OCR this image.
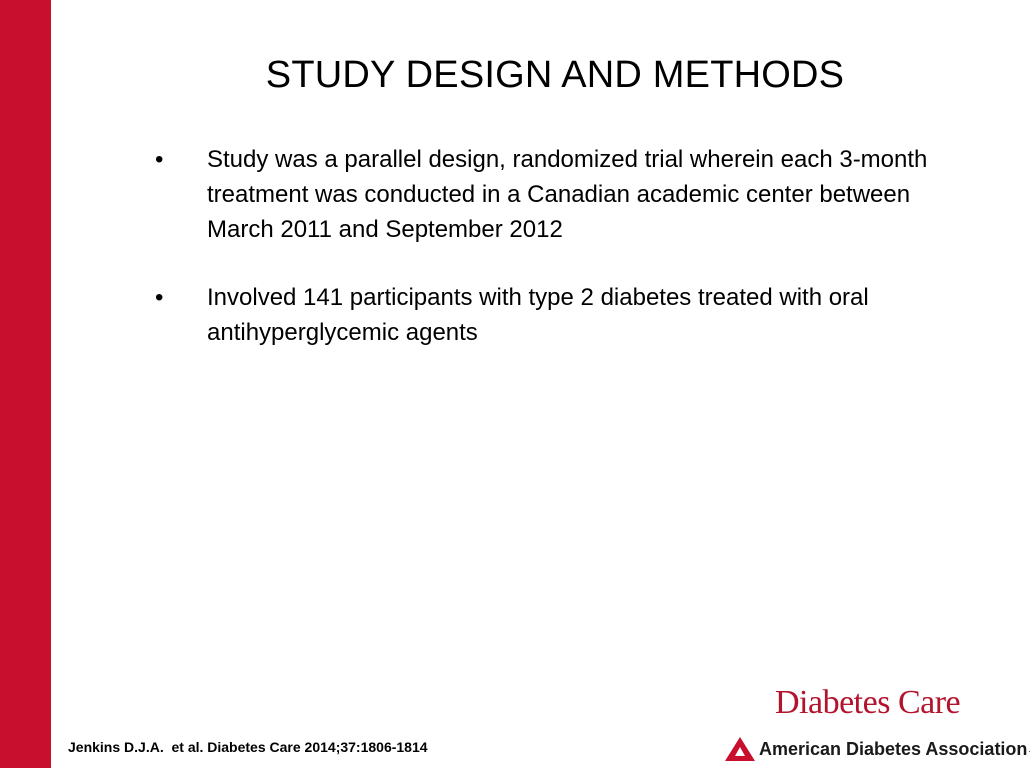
STUDY DESIGN AND METHODS
• Study was a parallel design, randomized trial wherein each 3-month treatment was conducted in a Canadian academic center between March 2011 and September 2012
• Involved 141 participants with type 2 diabetes treated with oral antihyperglycemic agents
Jenkins D.J.A.  et al. Diabetes Care 2014;37:1806-1814
Diabetes Care
American Diabetes Association .
